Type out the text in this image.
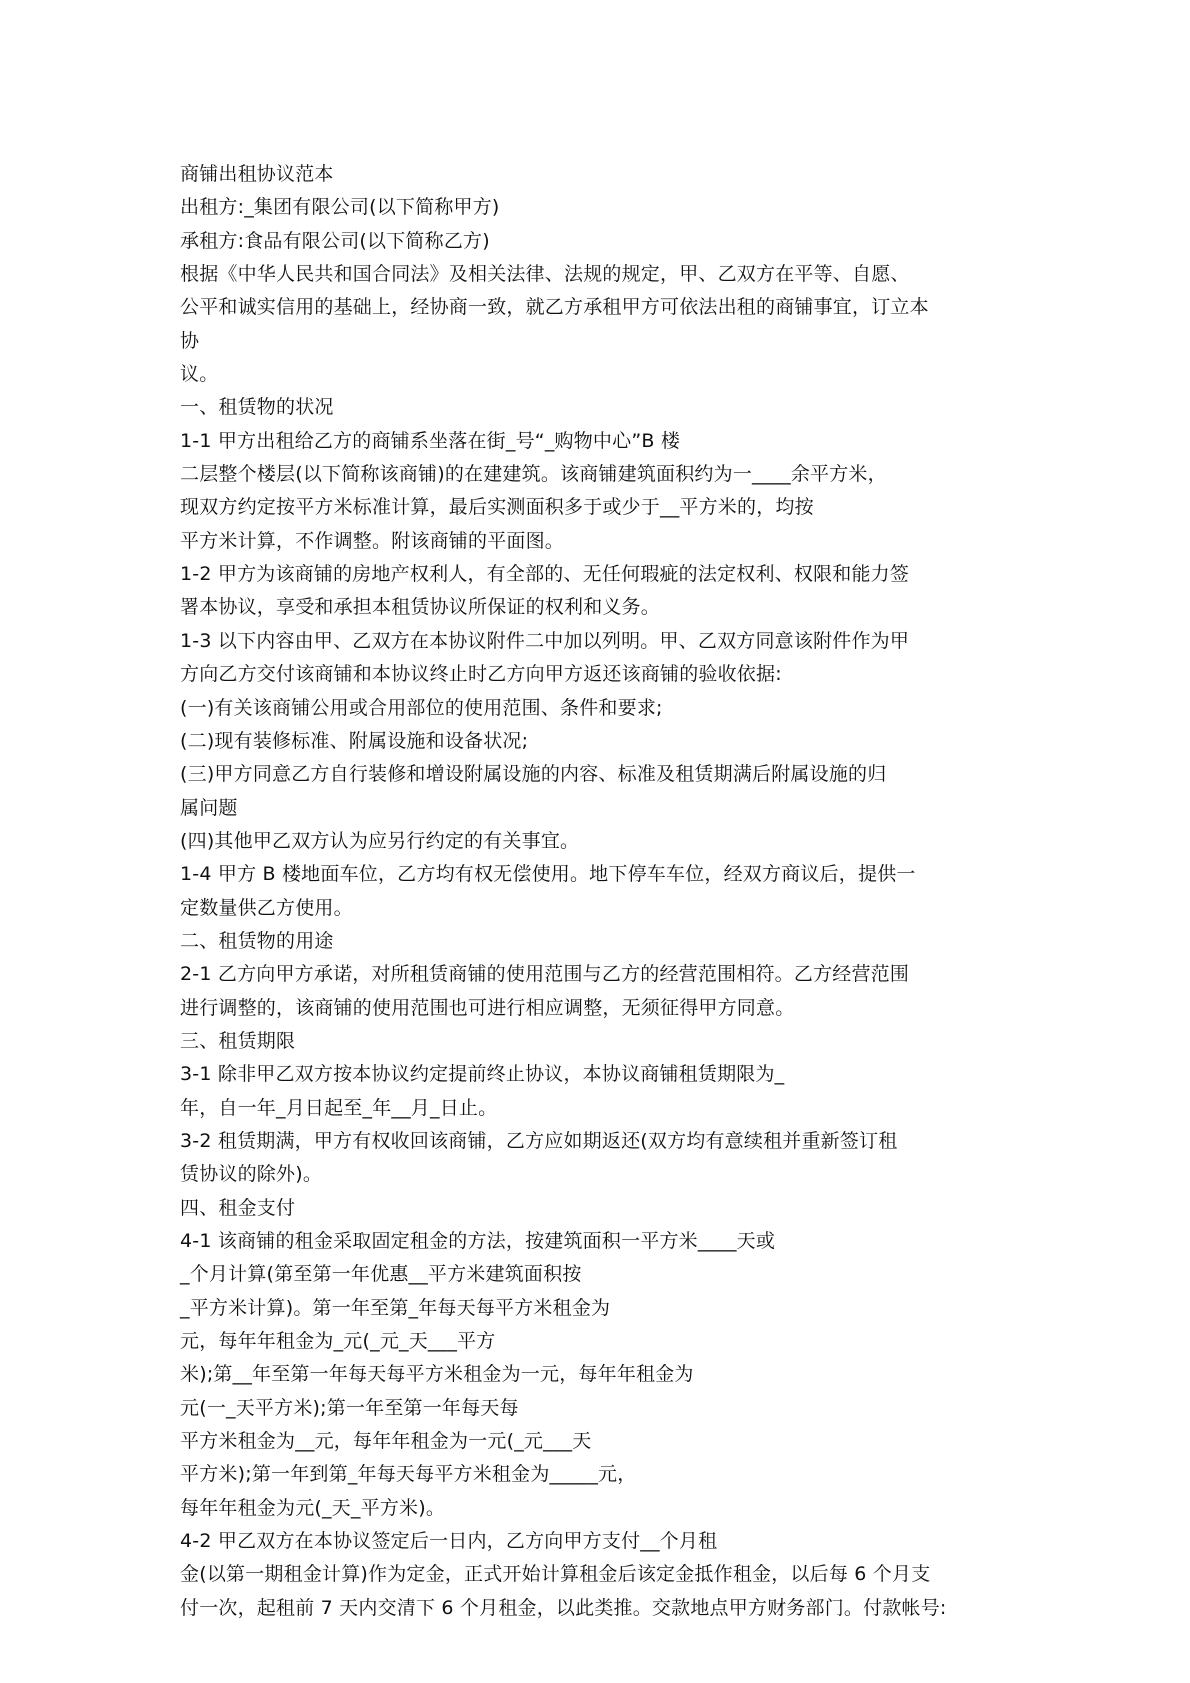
商铺出租协议范本
出租方:_集团有限公司(以下简称甲方)
承租方:食品有限公司(以下简称乙方)
根据《中华人民共和国合同法》及相关法律、法规的规定，甲、乙双方在平等、自愿、
公平和诚实信用的基础上，经协商一致，就乙方承租甲方可依法出租的商铺事宜，订立本
协
议。
一、租赁物的状况
1-1 甲方出租给乙方的商铺系坐落在街_号“_购物中心”B 楼
二层整个楼层(以下简称该商铺)的在建建筑。该商铺建筑面积约为一____余平方米，
现双方约定按平方米标准计算，最后实测面积多于或少于__平方米的，均按
平方米计算，不作调整。附该商铺的平面图。
1-2 甲方为该商铺的房地产权利人，有全部的、无任何瑕疵的法定权利、权限和能力签
署本协议，享受和承担本租赁协议所保证的权利和义务。
1-3 以下内容由甲、乙双方在本协议附件二中加以列明。甲、乙双方同意该附件作为甲
方向乙方交付该商铺和本协议终止时乙方向甲方返还该商铺的验收依据:
(一)有关该商铺公用或合用部位的使用范围、条件和要求;
(二)现有装修标准、附属设施和设备状况;
(三)甲方同意乙方自行装修和增设附属设施的内容、标准及租赁期满后附属设施的归
属问题
(四)其他甲乙双方认为应另行约定的有关事宜。
1-4 甲方 B 楼地面车位，乙方均有权无偿使用。地下停车车位，经双方商议后，提供一
定数量供乙方使用。
二、租赁物的用途
2-1 乙方向甲方承诺，对所租赁商铺的使用范围与乙方的经营范围相符。乙方经营范围
进行调整的，该商铺的使用范围也可进行相应调整，无须征得甲方同意。
三、租赁期限
3-1 除非甲乙双方按本协议约定提前终止协议，本协议商铺租赁期限为_
年，自一年_月日起至_年__月_日止。
3-2 租赁期满，甲方有权收回该商铺，乙方应如期返还(双方均有意续租并重新签订租
赁协议的除外)。
四、租金支付
4-1 该商铺的租金采取固定租金的方法，按建筑面积一平方米____天或
_个月计算(第至第一年优惠__平方米建筑面积按
_平方米计算)。第一年至第_年每天每平方米租金为
元，每年年租金为_元(_元_天___平方
米);第__年至第一年每天每平方米租金为一元，每年年租金为
元(一_天平方米);第一年至第一年每天每
平方米租金为__元，每年年租金为一元(_元___天
平方米);第一年到第_年每天每平方米租金为_____元，
每年年租金为元(_天_平方米)。
4-2 甲乙双方在本协议签定后一日内，乙方向甲方支付__个月租
金(以第一期租金计算)作为定金，正式开始计算租金后该定金抵作租金，以后每 6 个月支
付一次，起租前 7 天内交清下 6 个月租金，以此类推。交款地点甲方财务部门。付款帐号:
